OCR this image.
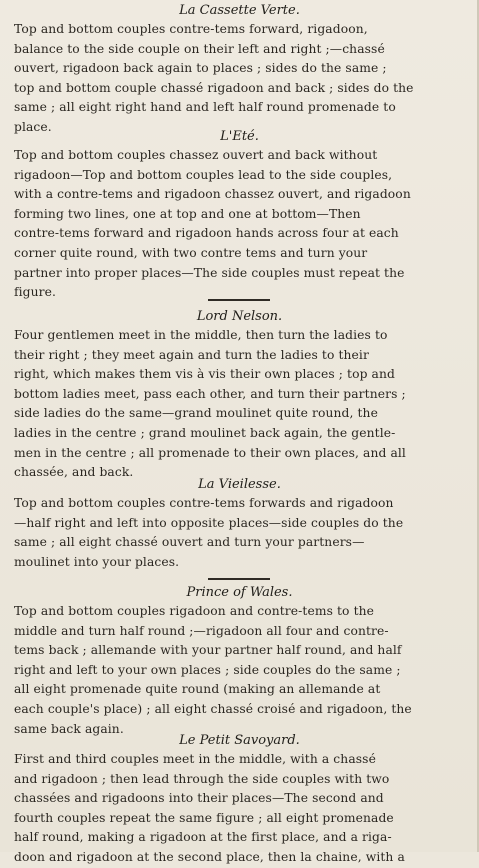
La Cassette Verte.

Top and bottom couples contre-tems forward, rigadoon,
balance to the side couple on their left and right ;—chassé
ouvert, rigadoon back again to places ; sides do the same ;
top and bottom couple chassé rigadoon and back ; sides do the
same ; all eight right hand and left half round promenade to
place.

L'Eté.

Top and bottom couples chassez ouvert and back without
rigadoon—Top and bottom couples lead to the side couples,
with a contre-tems and rigadoon chassez ouvert, and rigadoon
forming two lines, one at top and one at bottom—Then
contre-tems forward and rigadoon hands across four at each
corner quite round, with two contre tems and turn your
partner into proper places—The side couples must repeat the
figure.

Lord Nelson.

Four gentlemen meet in the middle, then turn the ladies to
their right ; they meet again and turn the ladies to their
right, which makes them vis à vis their own places ; top and
bottom ladies meet, pass each other, and turn their partners ;
side ladies do the same—grand moulinet quite round, the
ladies in the centre ; grand moulinet back again, the gentle-
men in the centre ; all promenade to their own places, and all
chassée, and back.

La Vieilesse.

Top and bottom couples contre-tems forwards and rigadoon
—half right and left into opposite places—side couples do the
same ; all eight chassé ouvert and turn your partners—
moulinet into your places.

Prince of Wales.

Top and bottom couples rigadoon and contre-tems to the
middle and turn half round ;—rigadoon all four and contre-
tems back ; allemande with your partner half round, and half
right and left to your own places ; side couples do the same ;
all eight promenade quite round (making an allemande at
each couple's place) ; all eight chassé croisé and rigadoon, the
same back again.

Le Petit Savoyard.

First and third couples meet in the middle, with a chassé
and rigadoon ; then lead through the side couples with two
chassées and rigadoons into their places—The second and
fourth couples repeat the same figure ; all eight promenade
half round, making a rigadoon at the first place, and a riga-
doon and rigadoon at the second place, then la chaine, with a
